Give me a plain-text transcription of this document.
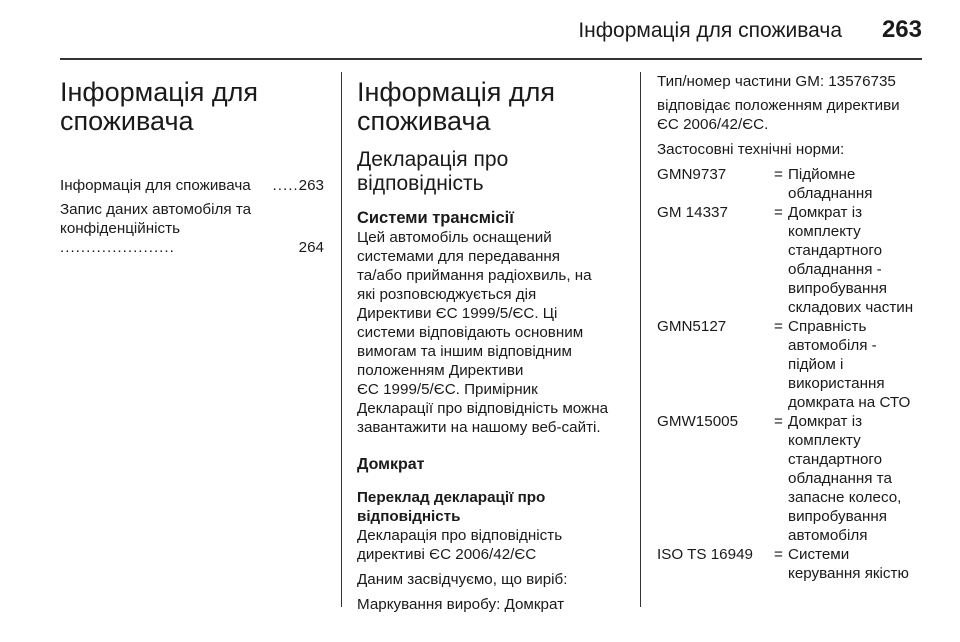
Інформація для споживача 263
Інформація для
споживача
Інформація для споживача	..... 263
Запис даних автомобіля та
конфіденційність ......................	264
Інформація для
споживача
Декларація про
відповідність
Системи трансмісії
Цей автомобіль оснащений
системами для передавання
та/або приймання радіохвиль, на
які розповсюджується дія
Директиви ЄС 1999/5/ЄС. Ці
системи відповідають основним
вимогам та іншим відповідним
положенням Директиви
ЄС 1999/5/ЄС. Примірник
Декларації про відповідність можна
завантажити на нашому веб-сайті.
Домкрат
Переклад декларації про
відповідність

Декларація про відповідність
директиві ЄС 2006/42/ЄС

Даним засвідчуємо, що виріб:

Маркування виробу: Домкрат

Тип/номер частини GM: 13576735

відповідає положенням директиви
ЄС 2006/42/ЄС.

Застосовні технічні норми:

GMN9737	= Підйомне
обладнання
GM 14337	= Домкрат із
комплекту
стандартного
обладнання -
випробування
складових частин
GMN5127	= Справність
автомобіля -
підйом і
використання
домкрата на СТО
GMW15005	= Домкрат із
комплекту
стандартного
обладнання та
запасне колесо,
випробування
автомобіля
ISO TS 16949	= Системи
керування якістю
